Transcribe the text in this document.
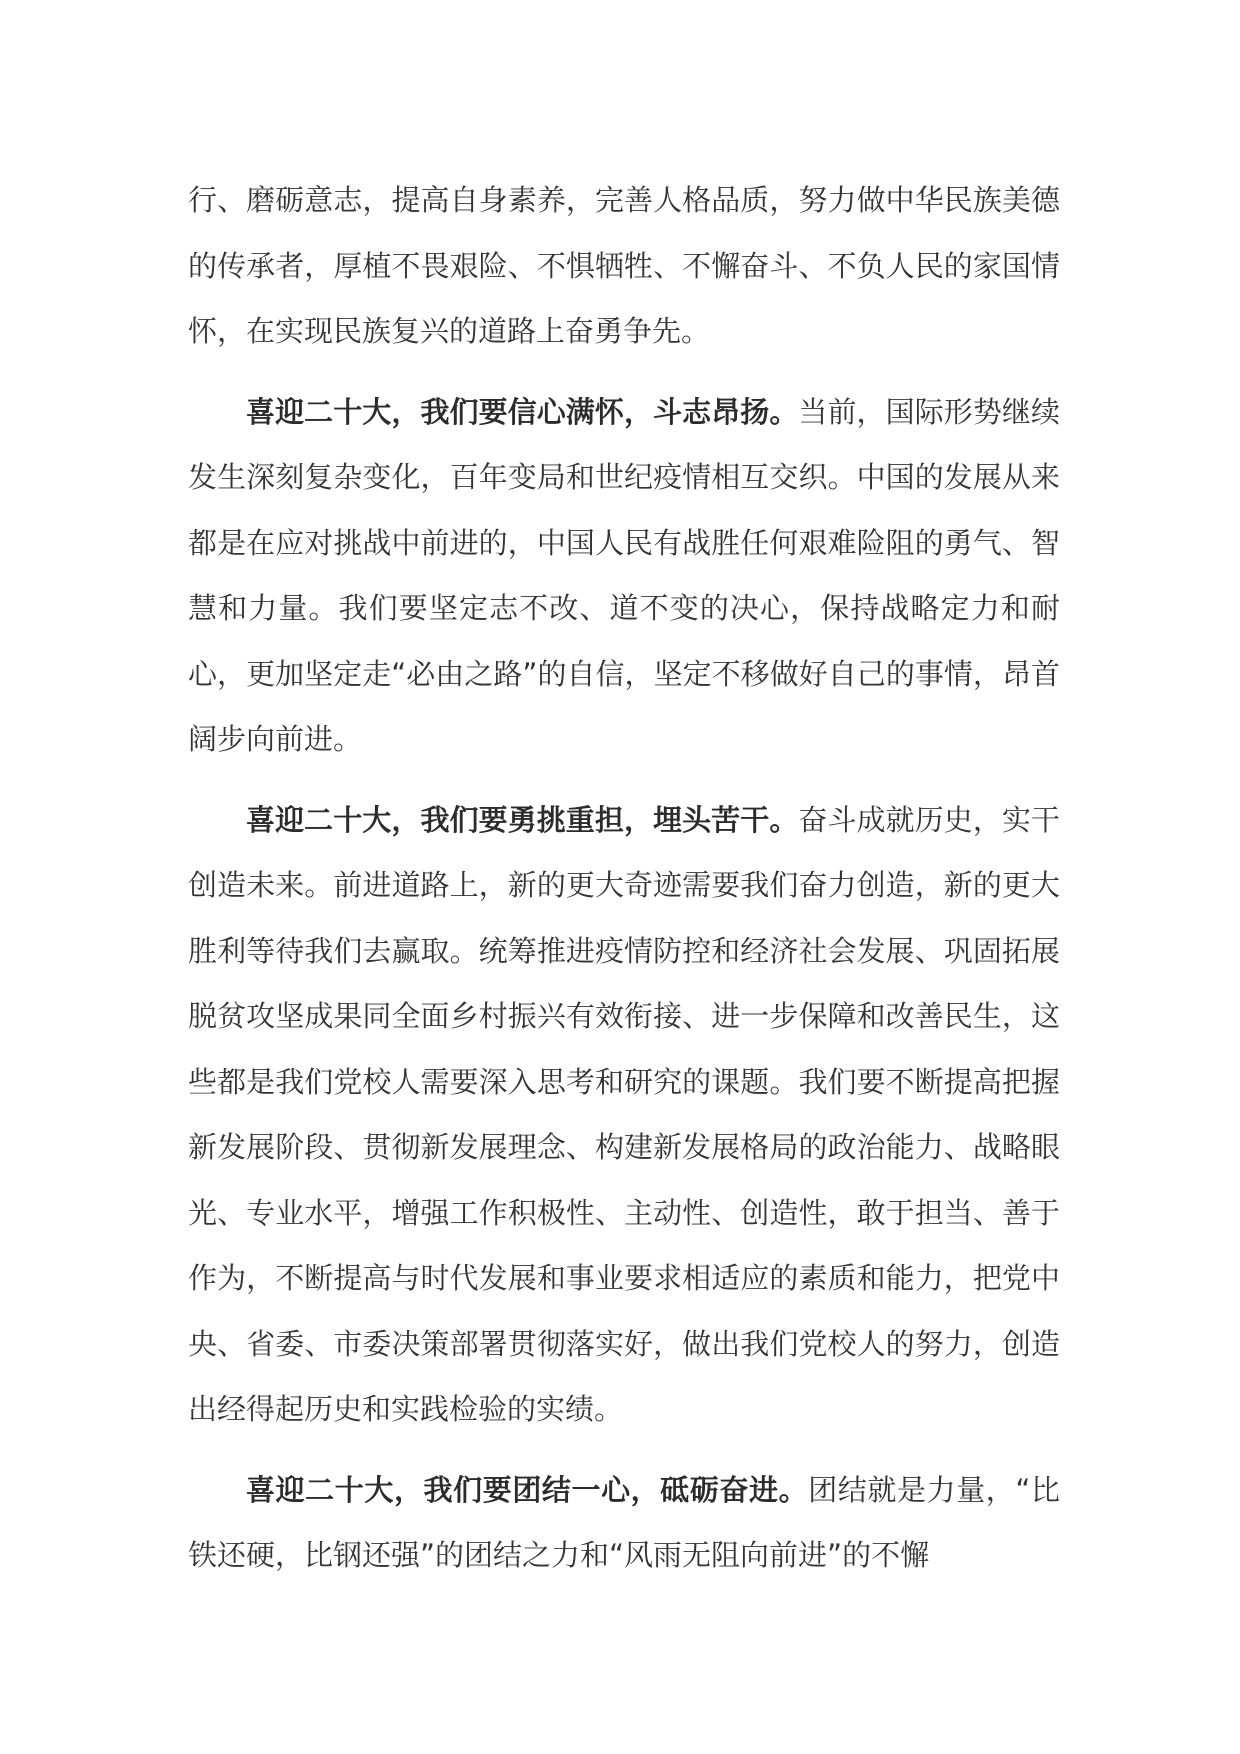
行、磨砺意志，提高自身素养，完善人格品质，努力做中华民族美德的传承者，厚植不畏艰险、不惧牺牲、不懈奋斗、不负人民的家国情怀，在实现民族复兴的道路上奋勇争先。

喜迎二十大，我们要信心满怀，斗志昂扬。当前，国际形势继续发生深刻复杂变化，百年变局和世纪疫情相互交织。中国的发展从来都是在应对挑战中前进的，中国人民有战胜任何艰难险阻的勇气、智慧和力量。我们要坚定志不改、道不变的决心，保持战略定力和耐心，更加坚定走“必由之路”的自信，坚定不移做好自己的事情，昂首阔步向前进。

喜迎二十大，我们要勇挑重担，埋头苦干。奋斗成就历史，实干创造未来。前进道路上，新的更大奇迹需要我们奋力创造，新的更大胜利等待我们去赢取。统筹推进疫情防控和经济社会发展、巩固拓展脱贫攻坚成果同全面乡村振兴有效衔接、进一步保障和改善民生，这些都是我们党校人需要深入思考和研究的课题。我们要不断提高把握新发展阶段、贯彻新发展理念、构建新发展格局的政治能力、战略眼光、专业水平，增强工作积极性、主动性、创造性，敢于担当、善于作为，不断提高与时代发展和事业要求相适应的素质和能力，把党中央、省委、市委决策部署贯彻落实好，做出我们党校人的努力，创造出经得起历史和实践检验的实绩。

喜迎二十大，我们要团结一心，砥砺奋进。团结就是力量，“比铁还硬，比钢还强”的团结之力和“风雨无阻向前进”的不懈
